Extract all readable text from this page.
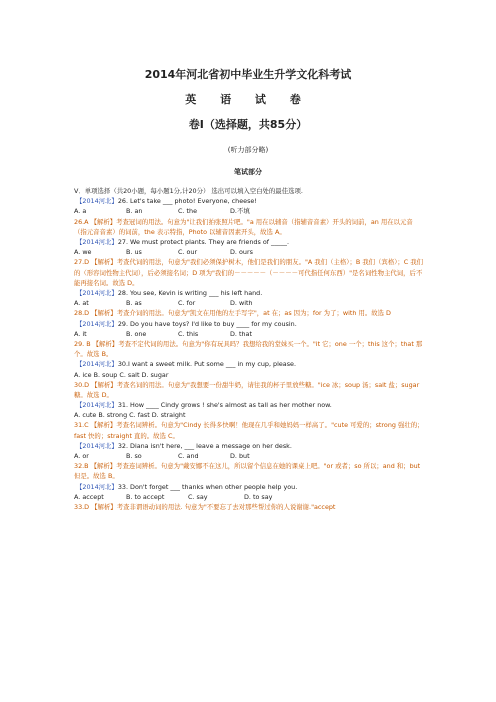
2014年河北省初中毕业生升学文化科考试
英 语 试 卷
卷Ⅰ（选择题，共85分）
(听力部分略)
笔试部分
V．单项选择（共20小题，每小题1分,计20分） 选出可以填入空白处的最佳选项.
【2014河北】26. Let's take ___ photo! Everyone, cheese!
A. a	B. an	C. the	D.不填
26.A 【解析】考查冠词的用法。句意为"让我们拍张照片吧。"a 用在以辅音（指辅音音素）开头的词前，an 用在以元音（指元音音素）的词前，the 表示特指，Photo 以辅音因素开头，故选 A。
【2014河北】27. We must protect plants. They are friends of _____.
A. we	B. us	C. our	D. ours
27.D 【解析】考查代词的用法，句意为"我们必须保护树木，他们是我们的朋友。"A 我们（主格）；B 我们（宾格）；C 我们的（形容词性物主代词），后必须接名词；D 项为"我们的－－－－－（－－－－可代指任何东西）"是名词性物主代词，后不能再接名词。故选 D。
【2014河北】28. You see, Kevin is writing ___ his left hand.
A. at	B. as	C. for	D. with
28.D 【解析】考查介词的用法。句意为"凯文在用他的左手写字"，at 在；as 因为；for 为了；with 用。故选 D
【2014河北】29. Do you have toys? I'd like to buy ____ for my cousin.
A. it	B. one	C. this	D. that
29. B 【解析】考查不定代词的用法。句意为"你有玩具吗？我想给我的堂妹买一个。"it 它；one 一个；this 这个；that 那个。故选 B。
【2014河北】30.I want a sweet milk. Put some ___ in my cup, please.
A. ice B. soup C. salt D. sugar
30.D 【解析】考查名词的用法。句意为"我想要一份甜牛奶，请往我的杯子里放些糖。"ice 冰；soup 汤；salt 盐；sugar 糖。故选 D。
【2014河北】31. How ____ Cindy grows ! she's almost as tall as her mother now.
A. cute B. strong C. fast D. straight
31.C 【解析】考查名词辨析。句意为"Cindy 长得多快啊！他现在几乎和她妈妈一样高了。"cute 可爱的；strong 强壮的；fast 快的；straight 直的。故选 C。
【2014河北】32. Diana isn't here, ___ leave a message on her desk.
A. or	B. so	C. and	D. but
32.B 【解析】考查连词辨析。句意为"戴安娜不在这儿，所以留个信息在她的课桌上吧。"or 或者；so 所以；and 和；but 但是。故选 B。
【2014河北】33. Don't forget ___ thanks when other people help you.
A. accept	B. to accept	C. say	D. to say
33.D 【解析】考查非谓语动词的用法. 句意为"不要忘了去对那些帮过你的人说谢谢."accept
